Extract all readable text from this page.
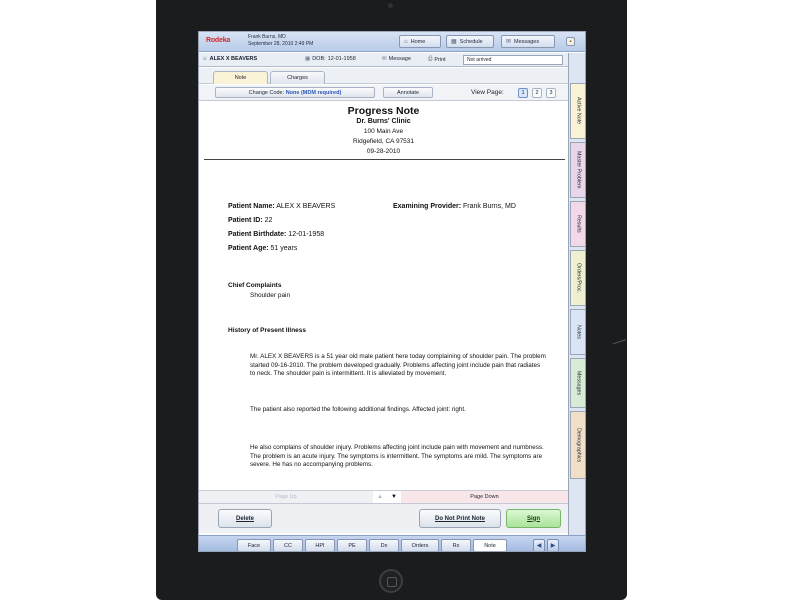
Rodeka	Frank Burns, MD
September 28, 2010 2:49 PM	⌂ Home	▦ Schedule	✉ Messages	▪
☺ ALEX X BEAVERS	▦ DOB: 12-01-1958	✉ Message	⎙ Print	Not arrived
Note	Charges
Change Code:
None (MDM required)	Annotate	View Page:	1	2	3
Progress Note
Dr. Burns' Clinic
100 Main Ave
Ridgefield, CA 97531
09-28-2010
Patient Name: ALEX X BEAVERS	Examining Provider: Frank Burns, MD
Patient ID: 22
Patient Birthdate: 12-01-1958
Patient Age: 51 years
Chief Complaints
Shoulder pain
History of Present Illness
Mr. ALEX X BEAVERS is a 51 year old male patient here today complaining of shoulder pain. The problem started 09-16-2010. The problem developed gradually. Problems affecting joint include pain that radiates to neck. The shoulder pain is intermittent. It is alleviated by movement.
The patient also reported the following additional findings. Affected joint: right.
He also complains of shoulder injury. Problems affecting joint include pain with movement and numbness. The problem is an acute injury. The symptoms is intermittent. The symptoms are mild. The symptoms are severe. He has no accompanying problems.
Page Up	▲	▼	Page Down
Delete	Do Not Print Note	Sign
Face	CC	HPI	PE	Dx	Orders	Rx	Note	◀	▶
Active Note
Master Problem
Results
Orders/Proc.
Notes
Messages
Demographics
